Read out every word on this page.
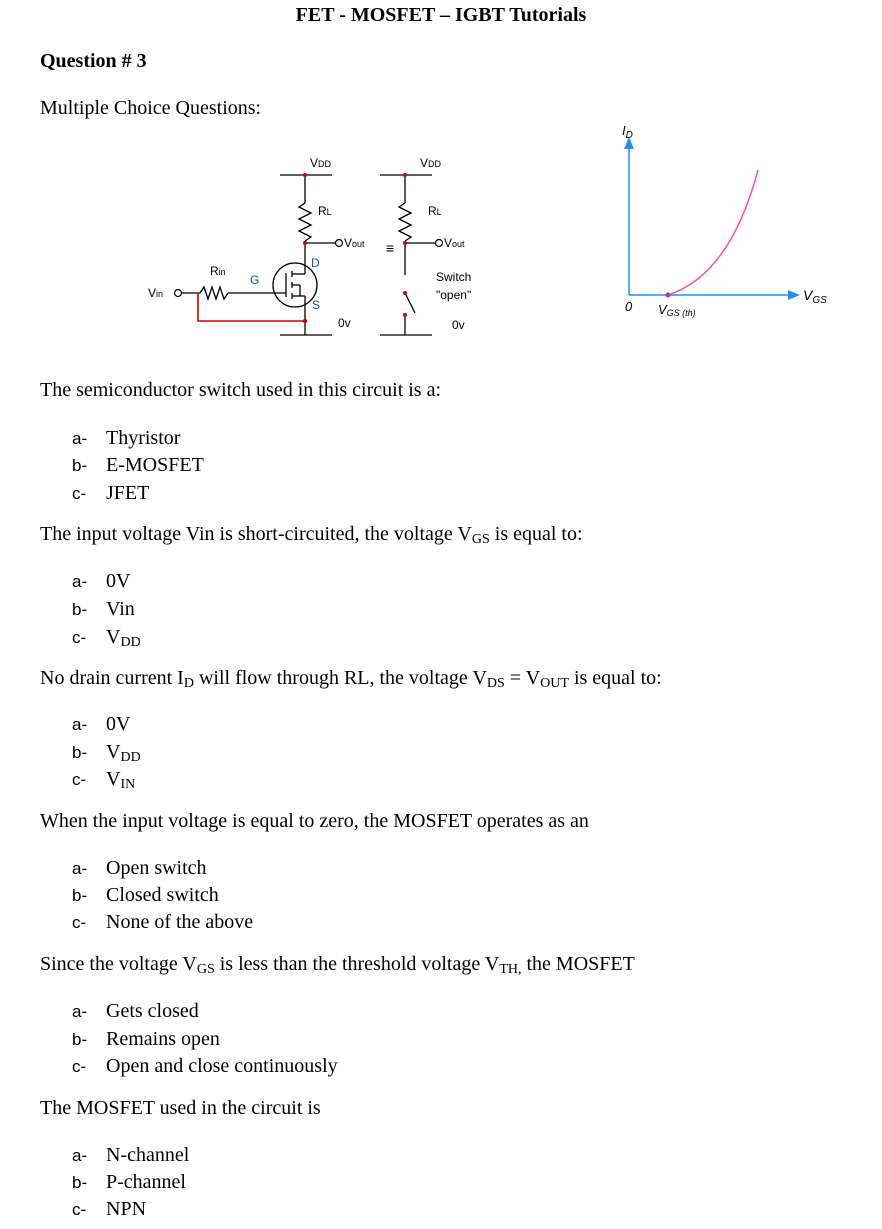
FET - MOSFET – IGBT Tutorials
Question # 3
Multiple Choice Questions:
VDD	VDD
RL	RL
Vout	Vout
≡
D
G
S
Rin
Vin
Switch
"open"
0v	0v
$I_D$
$V_{GS}$
0 VGS (th)
The semiconductor switch used in this circuit is a:
a- Thyristor
b- E-MOSFET
c- JFET
The input voltage Vin is short-circuited, the voltage $V_{GS}$ is equal to:
a- 0V
b- Vin
c- $V_{DD}$
No drain current $I_D$ will flow through RL, the voltage $V_{DS} = V_{OUT}$ is equal to:
a- 0V
b- $V_{DD}$
c- $V_{IN}$
When the input voltage is equal to zero, the MOSFET operates as an
a- Open switch
b- Closed switch
c- None of the above
Since the voltage $V_{GS}$ is less than the threshold voltage $V_{TH,}$ the MOSFET
a- Gets closed
b- Remains open
c- Open and close continuously
The MOSFET used in the circuit is
a- N-channel
b- P-channel
c- NPN
